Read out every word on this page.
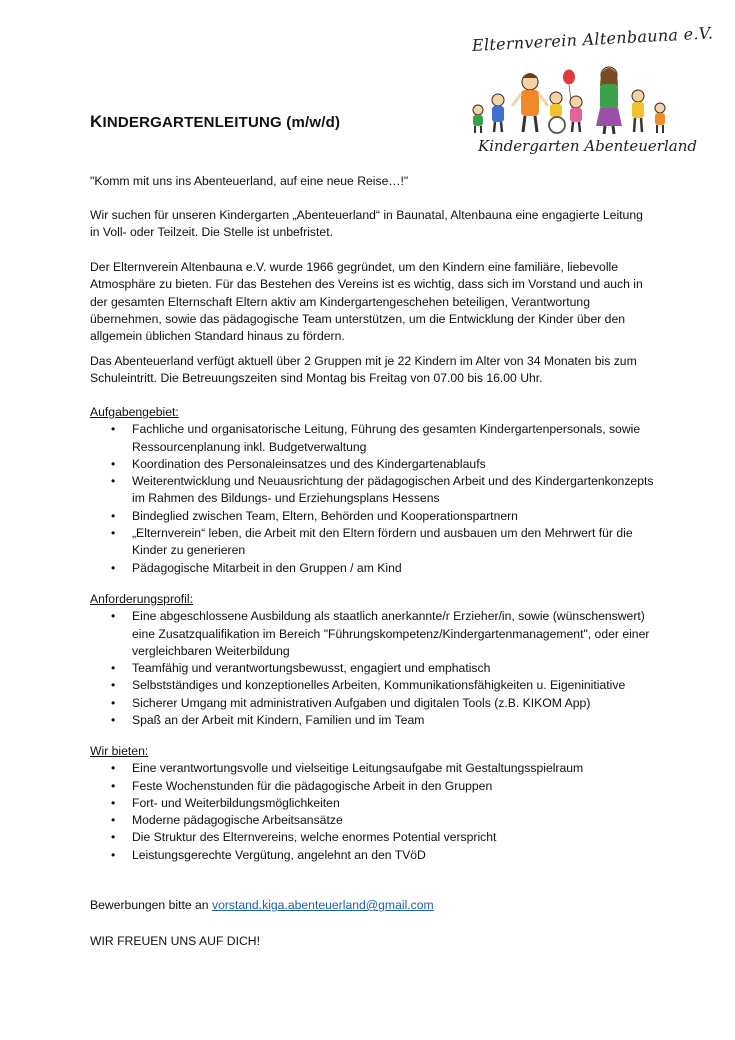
Elternverein Altenbauna e.V.
Kindergarten Abenteuerland
KINDERGARTENLEITUNG (m/w/d)

"Komm mit uns ins Abenteuerland, auf eine neue Reise…!"

Wir suchen für unseren Kindergarten „Abenteuerland“ in Baunatal, Altenbauna eine engagierte Leitung in Voll- oder Teilzeit. Die Stelle ist unbefristet.

Der Elternverein Altenbauna e.V. wurde 1966 gegründet, um den Kindern eine familiäre, liebevolle Atmosphäre zu bieten. Für das Bestehen des Vereins ist es wichtig, dass sich im Vorstand und auch in der gesamten Elternschaft Eltern aktiv am Kindergartengeschehen beteiligen, Verantwortung übernehmen, sowie das pädagogische Team unterstützen, um die Entwicklung der Kinder über den allgemein üblichen Standard hinaus zu fördern.

Das Abenteuerland verfügt aktuell über 2 Gruppen mit je 22 Kindern im Alter von 34 Monaten bis zum Schuleintritt. Die Betreuungszeiten sind Montag bis Freitag von 07.00 bis 16.00 Uhr.

Aufgabengebiet:

• Fachliche und organisatorische Leitung, Führung des gesamten Kindergartenpersonals, sowie Ressourcenplanung inkl. Budgetverwaltung
• Koordination des Personaleinsatzes und des Kindergartenablaufs
• Weiterentwicklung und Neuausrichtung der pädagogischen Arbeit und des Kindergartenkonzepts im Rahmen des Bildungs- und Erziehungsplans Hessens
• Bindeglied zwischen Team, Eltern, Behörden und Kooperationspartnern
• „Elternverein“ leben, die Arbeit mit den Eltern fördern und ausbauen um den Mehrwert für die Kinder zu generieren
• Pädagogische Mitarbeit in den Gruppen / am Kind

Anforderungsprofil:

• Eine abgeschlossene Ausbildung als staatlich anerkannte/r Erzieher/in, sowie (wünschenswert) eine Zusatzqualifikation im Bereich "Führungskompetenz/Kindergartenmanagement", oder einer vergleichbaren Weiterbildung
• Teamfähig und verantwortungsbewusst, engagiert und emphatisch
• Selbstständiges und konzeptionelles Arbeiten, Kommunikationsfähigkeiten u. Eigeninitiative
• Sicherer Umgang mit administrativen Aufgaben und digitalen Tools (z.B. KIKOM App)
• Spaß an der Arbeit mit Kindern, Familien und im Team

Wir bieten:

• Eine verantwortungsvolle und vielseitige Leitungsaufgabe mit Gestaltungsspielraum
• Feste Wochenstunden für die pädagogische Arbeit in den Gruppen
• Fort- und Weiterbildungsmöglichkeiten
• Moderne pädagogische Arbeitsansätze
• Die Struktur des Elternvereins, welche enormes Potential verspricht
• Leistungsgerechte Vergütung, angelehnt an den TVöD

Bewerbungen bitte an vorstand.kiga.abenteuerland@gmail.com

WIR FREUEN UNS AUF DICH!
